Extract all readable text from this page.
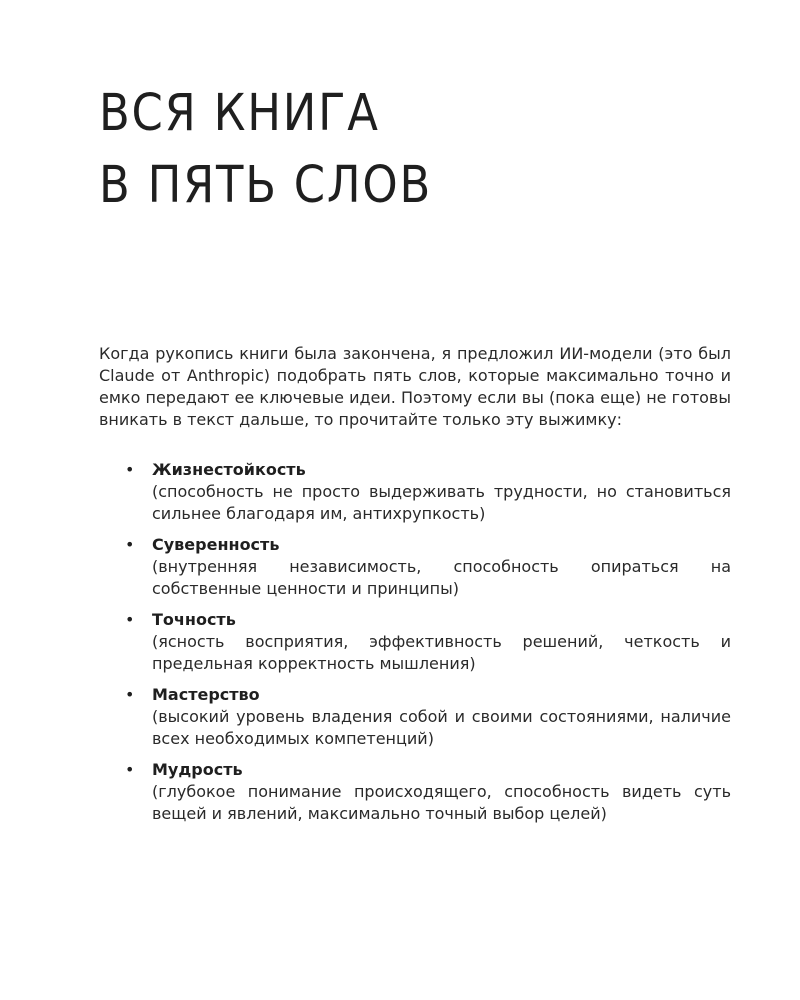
ВСЯ КНИГА
В ПЯТЬ СЛОВ

Когда рукопись книги была закончена, я предложил ИИ-модели (это был Claude от Anthropic) подобрать пять слов, которые максимально точно и емко передают ее ключевые идеи. Поэтому если вы (пока еще) не готовы вникать в текст дальше, то прочитайте только эту выжимку:

• Жизнестойкость
(способность не просто выдерживать трудности, но становиться сильнее благодаря им, антихрупкость)
• Суверенность
(внутренняя независимость, способность опираться на собственные ценности и принципы)
• Точность
(ясность восприятия, эффективность решений, четкость и предельная корректность мышления)
• Мастерство
(высокий уровень владения собой и своими состояниями, наличие всех необходимых компетенций)
• Мудрость
(глубокое понимание происходящего, способность видеть суть вещей и явлений, максимально точный выбор целей)
